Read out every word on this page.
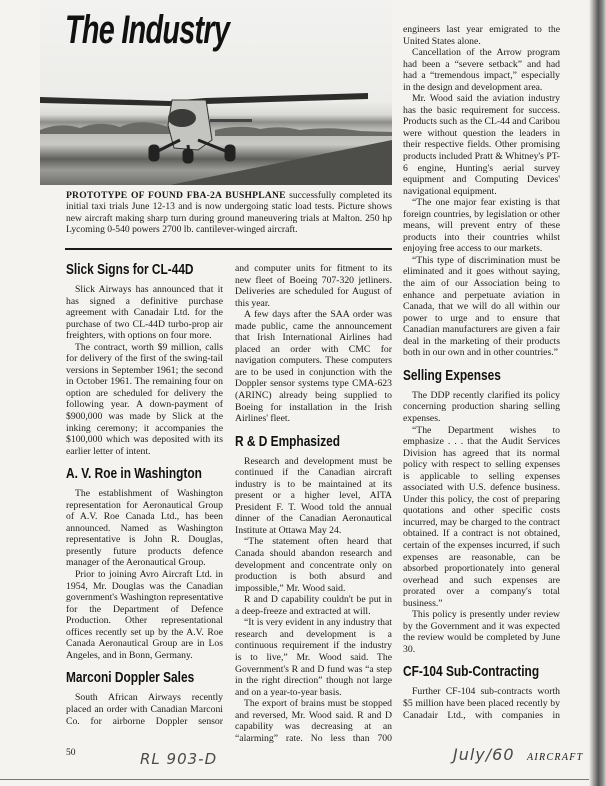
The Industry
PROTOTYPE OF FOUND FBA-2A BUSHPLANE successfully completed its initial taxi trials June 12-13 and is now undergoing static load tests. Picture shows new aircraft making sharp turn during ground maneuvering trials at Malton. 250 hp Lycoming 0-540 powers 2700 lb. cantilever-winged aircraft.
Slick Signs for CL-44D

Slick Airways has announced that it has signed a definitive purchase agreement with Canadair Ltd. for the purchase of two CL-44D turbo-prop air freighters, with options on four more.

The contract, worth $9 million, calls for delivery of the first of the swing-tail versions in September 1961; the second in October 1961. The remaining four on option are scheduled for delivery the following year. A down-payment of $900,000 was made by Slick at the inking ceremony; it accompanies the $100,000 which was deposited with its earlier letter of intent.

A. V. Roe in Washington

The establishment of Washington representation for Aeronautical Group of A.V. Roe Canada Ltd., has been announced. Named as Washington representative is John R. Douglas, presently future products defence manager of the Aeronautical Group.

Prior to joining Avro Aircraft Ltd. in 1954, Mr. Douglas was the Canadian government's Washington representative for the Department of Defence Production. Other representational offices recently set up by the A.V. Roe Canada Aeronautical Group are in Los Angeles, and in Bonn, Germany.

Marconi Doppler Sales

South African Airways recently placed an order with Canadian Marconi Co. for airborne Doppler sensor

and computer units for fitment to its new fleet of Boeing 707-320 jetliners. Deliveries are scheduled for August of this year.

A few days after the SAA order was made public, came the announcement that Irish International Airlines had placed an order with CMC for navigation computers. These computers are to be used in conjunction with the Doppler sensor systems type CMA-623 (ARINC) already being supplied to Boeing for installation in the Irish Airlines' fleet.

R & D Emphasized

Research and development must be continued if the Canadian aircraft industry is to be maintained at its present or a higher level, AITA President F. T. Wood told the annual dinner of the Canadian Aeronautical Institute at Ottawa May 24.

“The statement often heard that Canada should abandon research and development and concentrate only on production is both absurd and impossible,” Mr. Wood said.

R and D capability couldn't be put in a deep-freeze and extracted at will.

“It is very evident in any industry that research and development is a continuous requirement if the industry is to live,” Mr. Wood said. The Government's R and D fund was “a step in the right direction” though not large and on a year-to-year basis.

The export of brains must be stopped and reversed, Mr. Wood said. R and D capability was decreasing at an “alarming” rate. No less than 700

engineers last year emigrated to the United States alone.

Cancellation of the Arrow program had been a “severe setback” and had had a “tremendous impact,” especially in the design and development area.

Mr. Wood said the aviation industry has the basic requirement for success. Products such as the CL-44 and Caribou were without question the leaders in their respective fields. Other promising products included Pratt & Whitney's PT-6 engine, Hunting's aerial survey equipment and Computing Devices' navigational equipment.

“The one major fear existing is that foreign countries, by legislation or other means, will prevent entry of these products into their countries whilst enjoying free access to our markets.

“This type of discrimination must be eliminated and it goes without saying, the aim of our Association being to enhance and perpetuate aviation in Canada, that we will do all within our power to urge and to ensure that Canadian manufacturers are given a fair deal in the marketing of their products both in our own and in other countries.”

Selling Expenses

The DDP recently clarified its policy concerning production sharing selling expenses.

“The Department wishes to emphasize . . . that the Audit Services Division has agreed that its normal policy with respect to selling expenses is applicable to selling expenses associated with U.S. defence business. Under this policy, the cost of preparing quotations and other specific costs incurred, may be charged to the contract obtained. If a contract is not obtained, certain of the expenses incurred, if such expenses are reasonable, can be absorbed proportionately into general overhead and such expenses are prorated over a company's total business.”

This policy is presently under review by the Government and it was expected the review would be completed by June 30.

CF-104 Sub-Contracting

Further CF-104 sub-contracts worth $5 million have been placed recently by Canadair Ltd., with companies in

50	RL 903-D	July/60 AIRCRAFT
